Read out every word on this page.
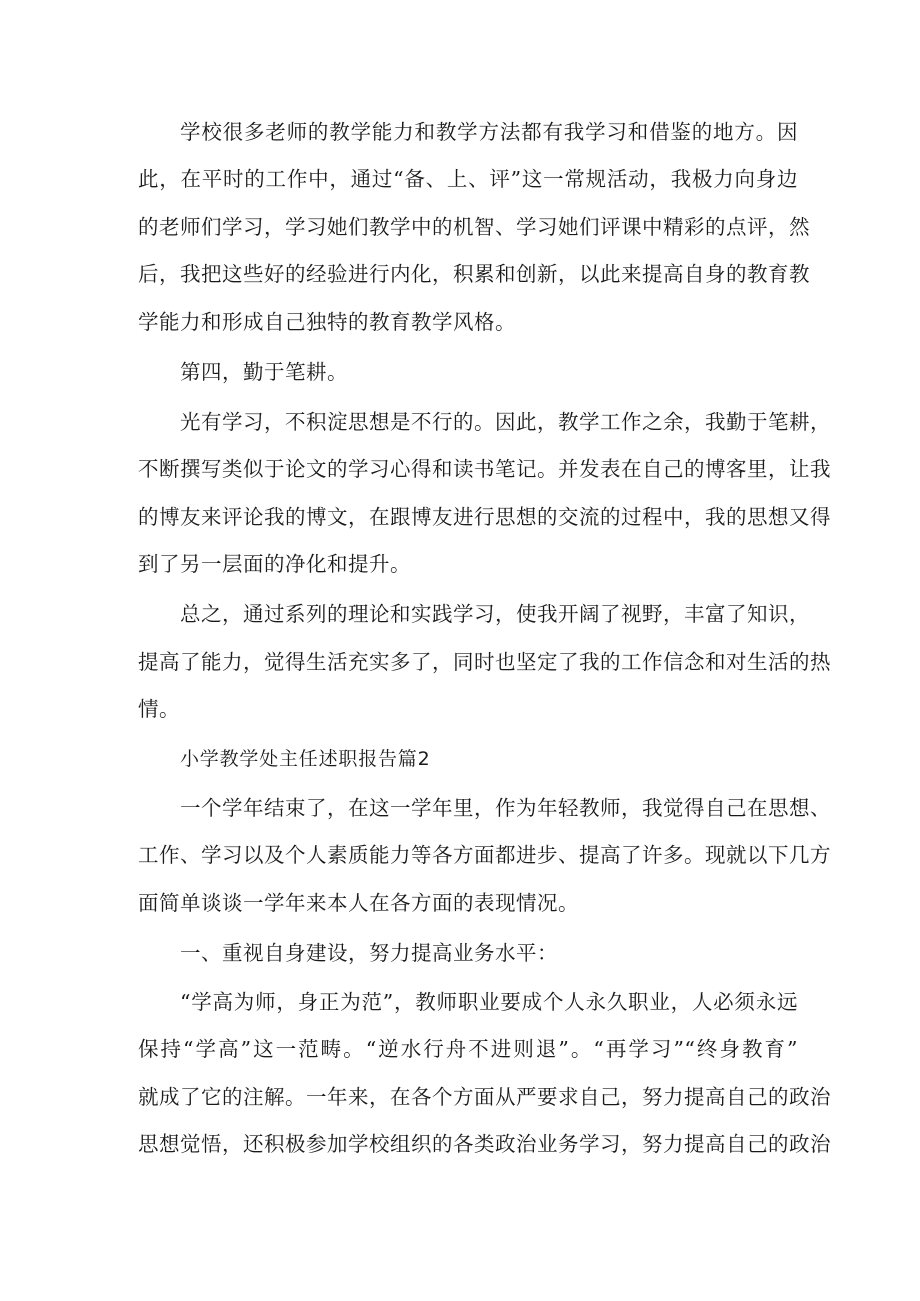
学校很多老师的教学能力和教学方法都有我学习和借鉴的地方。因
此，在平时的工作中，通过“备、上、评”这一常规活动，我极力向身边
的老师们学习，学习她们教学中的机智、学习她们评课中精彩的点评，然
后，我把这些好的经验进行内化，积累和创新，以此来提高自身的教育教
学能力和形成自己独特的教育教学风格。
第四，勤于笔耕。
光有学习，不积淀思想是不行的。因此，教学工作之余，我勤于笔耕，
不断撰写类似于论文的学习心得和读书笔记。并发表在自己的博客里，让我
的博友来评论我的博文，在跟博友进行思想的交流的过程中，我的思想又得
到了另一层面的净化和提升。
总之，通过系列的理论和实践学习，使我开阔了视野，丰富了知识，
提高了能力，觉得生活充实多了，同时也坚定了我的工作信念和对生活的热
情。
小学教学处主任述职报告篇2
一个学年结束了，在这一学年里，作为年轻教师，我觉得自己在思想、
工作、学习以及个人素质能力等各方面都进步、提高了许多。现就以下几方
面简单谈谈一学年来本人在各方面的表现情况。
一、重视自身建设，努力提高业务水平：
“学高为师，身正为范”，教师职业要成个人永久职业，人必须永远
保持“学高”这一范畴。“逆水行舟不进则退”。“再学习”“终身教育”
就成了它的注解。一年来，在各个方面从严要求自己，努力提高自己的政治
思想觉悟，还积极参加学校组织的各类政治业务学习，努力提高自己的政治
